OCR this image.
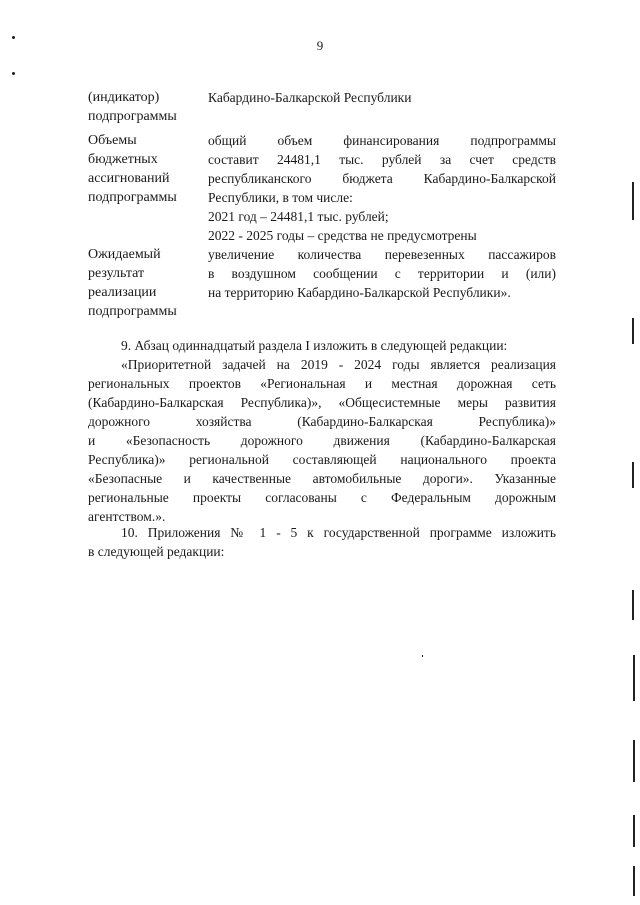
9
(индикатор)
подпрограммы
Кабардино-Балкарской Республики
Объемы
бюджетных
ассигнований
подпрограммы
общий объем финансирования подпрограммы
составит 24481,1 тыс. рублей за счет средств
республиканского бюджета Кабардино-Балкарской
Республики, в том числе:
2021 год – 24481,1 тыс. рублей;
2022 - 2025 годы – средства не предусмотрены
Ожидаемый
результат
реализации
подпрограммы
увеличение количества перевезенных пассажиров
в воздушном сообщении с территории и (или)
на территорию Кабардино-Балкарской Республики».
9. Абзац одиннадцатый раздела I изложить в следующей редакции:
«Приоритетной задачей на 2019 - 2024 годы является реализация
региональных проектов «Региональная и местная дорожная сеть
(Кабардино-Балкарская Республика)», «Общесистемные меры развития
дорожного хозяйства (Кабардино-Балкарская Республика)»
и «Безопасность дорожного движения (Кабардино-Балкарская
Республика)» региональной составляющей национального проекта
«Безопасные и качественные автомобильные дороги». Указанные
региональные проекты согласованы с Федеральным дорожным
агентством.».
10. Приложения № 1 - 5 к государственной программе изложить
в следующей редакции:
